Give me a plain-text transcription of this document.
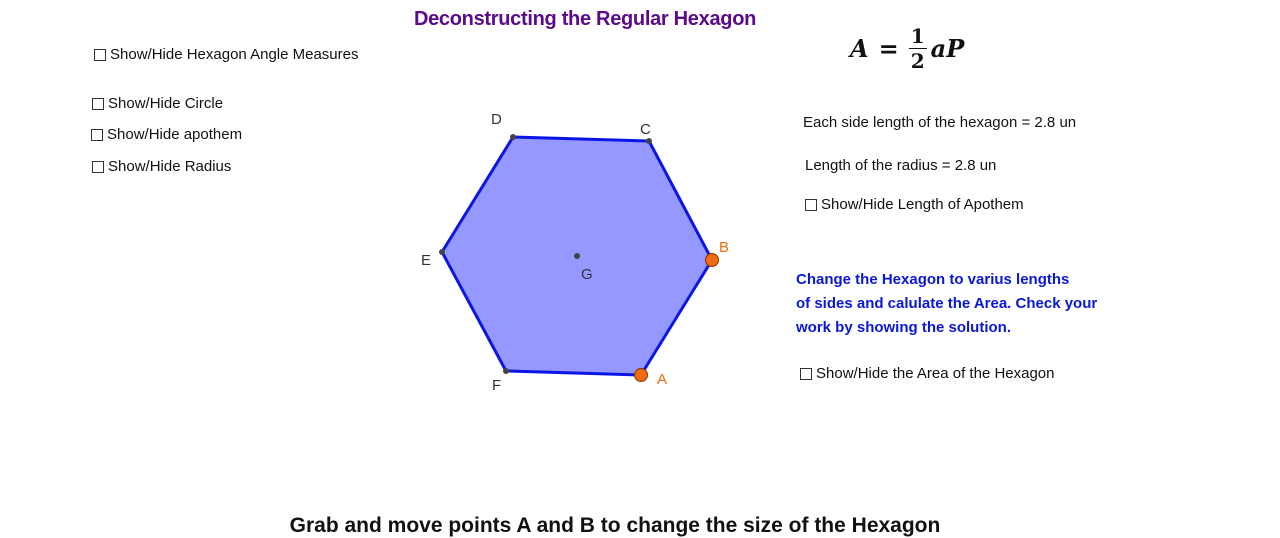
Deconstructing the Regular Hexagon
Show/Hide Hexagon Angle Measures
Show/Hide Circle
Show/Hide apothem
Show/Hide Radius
$A = \frac{1}{2}$ aP
Each side length of the hexagon = 2.8 un
Length of the radius = 2.8 un
Show/Hide Length of Apothem
Change the Hexagon to varius lengths
of sides and calulate the Area. Check your
work by showing the solution.
Show/Hide the Area of the Hexagon
A
B
C
D
E
F
G
Grab and move points A and B to change the size of the Hexagon
